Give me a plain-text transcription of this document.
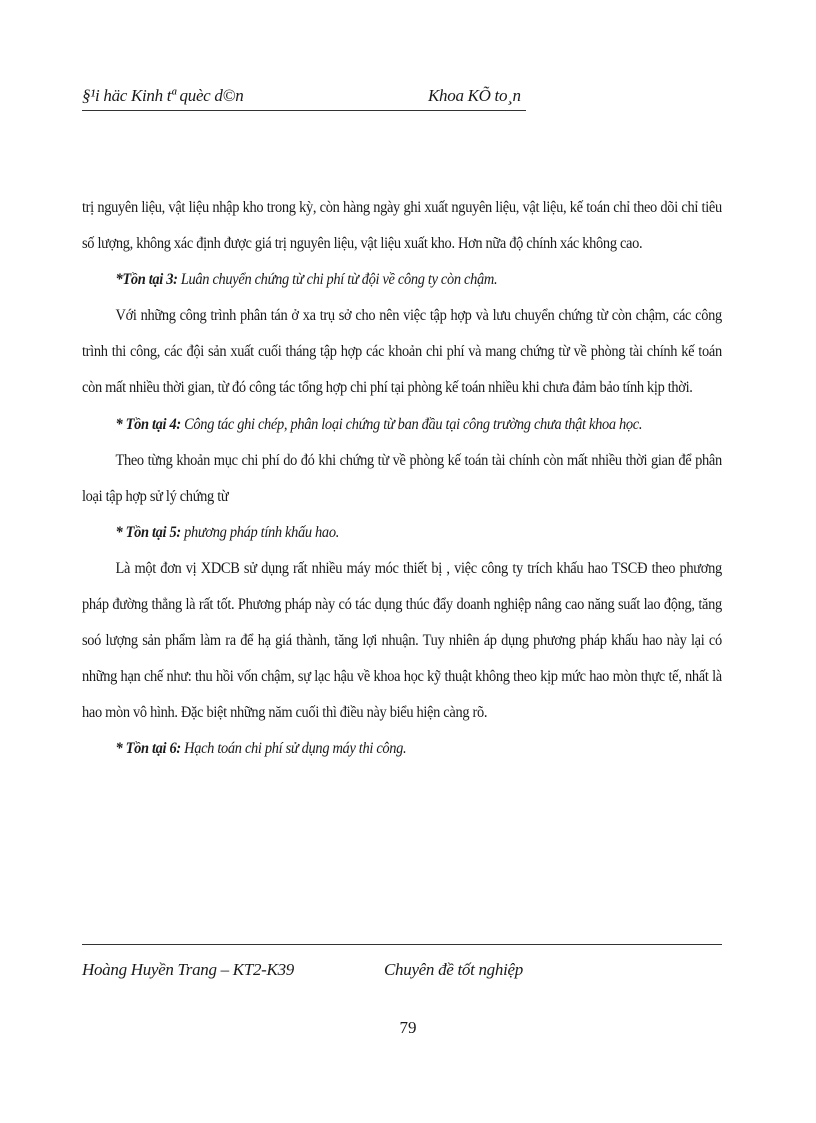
§¹i häc Kinh tª quèc d©n	Khoa KÕ to¸n

trị nguyên liệu, vật liệu nhập kho trong kỳ, còn hàng ngày ghi xuất nguyên liệu, vật liệu, kế toán chỉ theo dõi chỉ tiêu số lượng, không xác định được giá trị nguyên liệu, vật liệu xuất kho. Hơn nữa độ chính xác không cao.

*Tồn tại 3: Luân chuyển chứng từ chi phí từ đội về công ty còn chậm.

Với những công trình phân tán ở xa trụ sở cho nên việc tập hợp và lưu chuyển chứng từ còn chậm, các công trình thi công, các đội sản xuất cuối tháng tập hợp các khoản chi phí và mang chứng từ về phòng tài chính kế toán còn mất nhiều thời gian, từ đó công tác tổng hợp chi phí tại phòng kế toán nhiều khi chưa đảm bảo tính kịp thời.

* Tồn tại 4: Công tác ghi chép, phân loại chứng từ ban đầu tại công trường chưa thật khoa học.

Theo từng khoản mục chi phí do đó khi chứng từ về phòng kế toán tài chính còn mất nhiều thời gian để phân loại tập hợp sử lý chứng từ

* Tồn tại 5: phương pháp tính khấu hao.

Là một đơn vị XDCB sử dụng rất nhiều máy móc thiết bị , việc công ty trích khấu hao TSCĐ theo phương pháp đường thẳng là rất tốt. Phương pháp này có tác dụng thúc đẩy doanh nghiệp nâng cao năng suất lao động, tăng soó lượng sản phẩm làm ra để hạ giá thành, tăng lợi nhuận. Tuy nhiên áp dụng phương pháp khấu hao này lại có những hạn chế như: thu hồi vốn chậm, sự lạc hậu về khoa học kỹ thuật không theo kịp mức hao mòn thực tế, nhất là hao mòn vô hình. Đặc biệt những năm cuối thì điều này biểu hiện càng rõ.

* Tồn tại 6: Hạch toán chi phí sử dụng máy thi công.

Hoàng Huyền Trang – KT2-K39	Chuyên đề tốt nghiệp
79
